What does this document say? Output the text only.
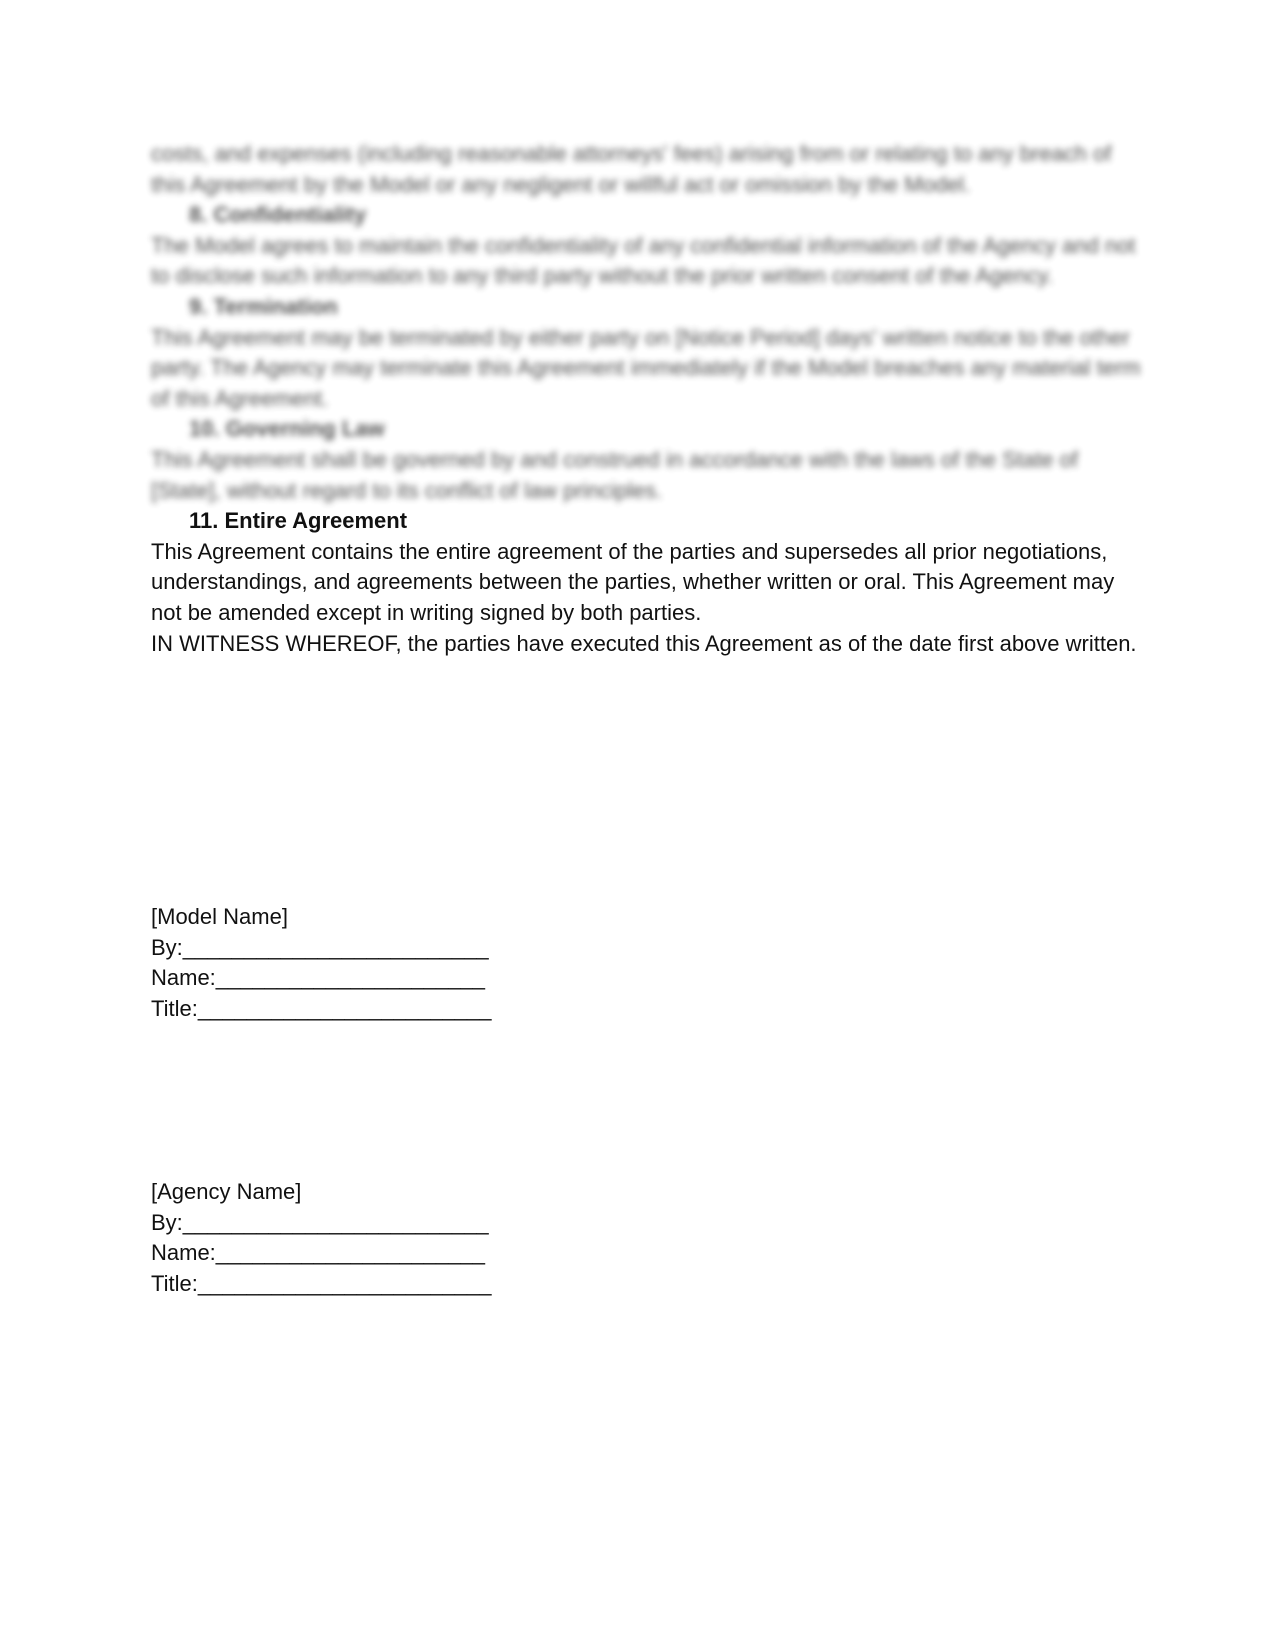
costs, and expenses (including reasonable attorneys' fees) arising from or relating to any breach of this Agreement by the Model or any negligent or willful act or omission by the Model.

8. Confidentiality

The Model agrees to maintain the confidentiality of any confidential information of the Agency and not to disclose such information to any third party without the prior written consent of the Agency.

9. Termination

This Agreement may be terminated by either party on [Notice Period] days' written notice to the other party. The Agency may terminate this Agreement immediately if the Model breaches any material term of this Agreement.

10. Governing Law

This Agreement shall be governed by and construed in accordance with the laws of the State of [State], without regard to its conflict of law principles.

11. Entire Agreement

This Agreement contains the entire agreement of the parties and supersedes all prior negotiations, understandings, and agreements between the parties, whether written or oral. This Agreement may not be amended except in writing signed by both parties.

IN WITNESS WHEREOF, the parties have executed this Agreement as of the date first above written.

[Model Name]
By:_________________________
Name:______________________
Title:________________________
[Agency Name]
By:_________________________
Name:______________________
Title:________________________
